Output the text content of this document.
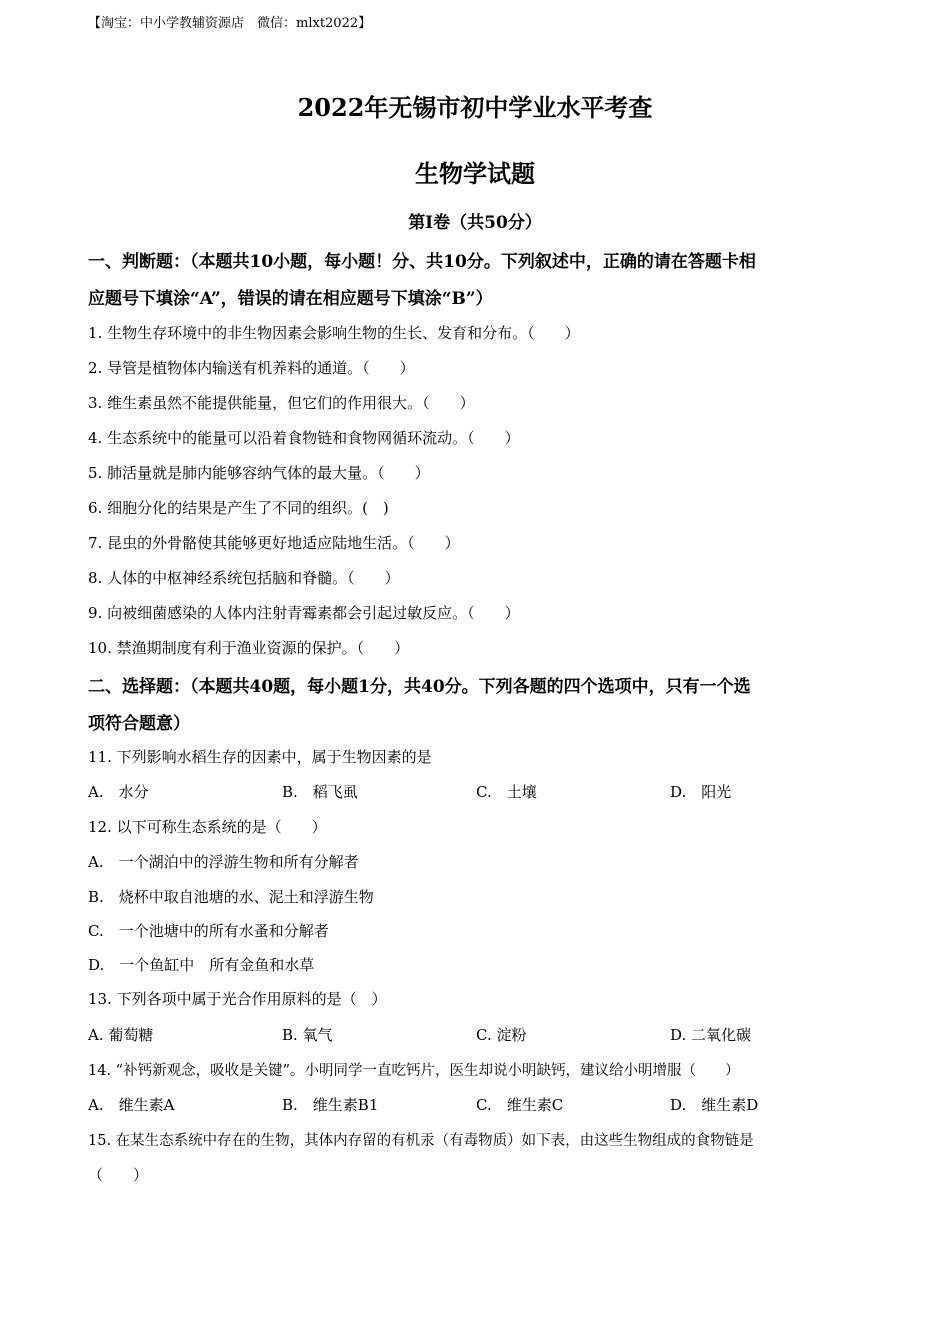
【淘宝：中小学教辅资源店　微信：mlxt2022】
2022年无锡市初中学业水平考查
生物学试题
第Ⅰ卷（共50分）
一、判断题：（本题共10小题，每小题！分、共10分。下列叙述中，正确的请在答题卡相
应题号下填涂“A”，错误的请在相应题号下填涂“B”）
1. 生物生存环境中的非生物因素会影响生物的生长、发育和分布。（　　）
2. 导管是植物体内输送有机养料的通道。（　　）
3. 维生素虽然不能提供能量，但它们的作用很大。（　　）
4. 生态系统中的能量可以沿着食物链和食物网循环流动。（　　）
5. 肺活量就是肺内能够容纳气体的最大量。（　　）
6. 细胞分化的结果是产生了不同的组织。(　)
7. 昆虫的外骨骼使其能够更好地适应陆地生活。（　　）
8. 人体的中枢神经系统包括脑和脊髓。（　　）
9. 向被细菌感染的人体内注射青霉素都会引起过敏反应。（　　）
10. 禁渔期制度有利于渔业资源的保护。（　　）
二、选择题：（本题共40题，每小题1分，共40分。下列各题的四个选项中，只有一个选
项符合题意）
11. 下列影响水稻生存的因素中，属于生物因素的是
A.　水分	B.　稻飞虱	C.　土壤	D.　阳光
12. 以下可称生态系统的是（　　）
A.　一个湖泊中的浮游生物和所有分解者
B.　烧杯中取自池塘的水、泥土和浮游生物
C.　一个池塘中的所有水蚤和分解者
D.　一个鱼缸中　所有金鱼和水草
13. 下列各项中属于光合作用原料的是（　）
A. 葡萄糖	B. 氧气	C. 淀粉	D. 二氧化碳
14. “补钙新观念，吸收是关键”。小明同学一直吃钙片，医生却说小明缺钙，建议给小明增服（　　）
A.　维生素A	B.　维生素B1	C.　维生素C	D.　维生素D
15. 在某生态系统中存在的生物，其体内存留的有机汞（有毒物质）如下表，由这些生物组成的食物链是
（　　）
